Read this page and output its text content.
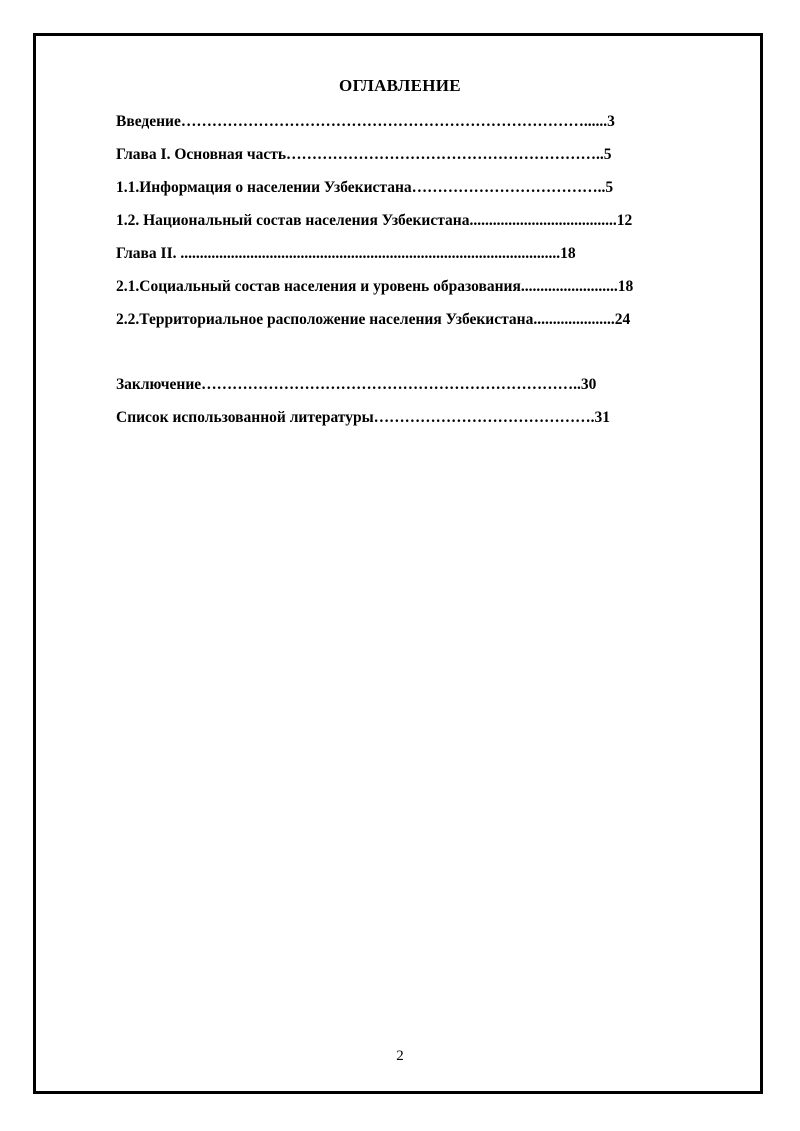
ОГЛАВЛЕНИЕ
Введение……………………………………………………………………......3
Глава I. Основная часть……………………………………………………..5
1.1.Информация о населении Узбекистана………………………………..5
1.2. Национальный состав населения Узбекистана......................................12
Глава II. ..................................................................................................18
2.1.Социальный состав населения и уровень образования.........................18
2.2.Территориальное расположение населения Узбекистана.....................24
Заключение………………………………………………………………..30
Список использованной литературы…………………………………….31
2
